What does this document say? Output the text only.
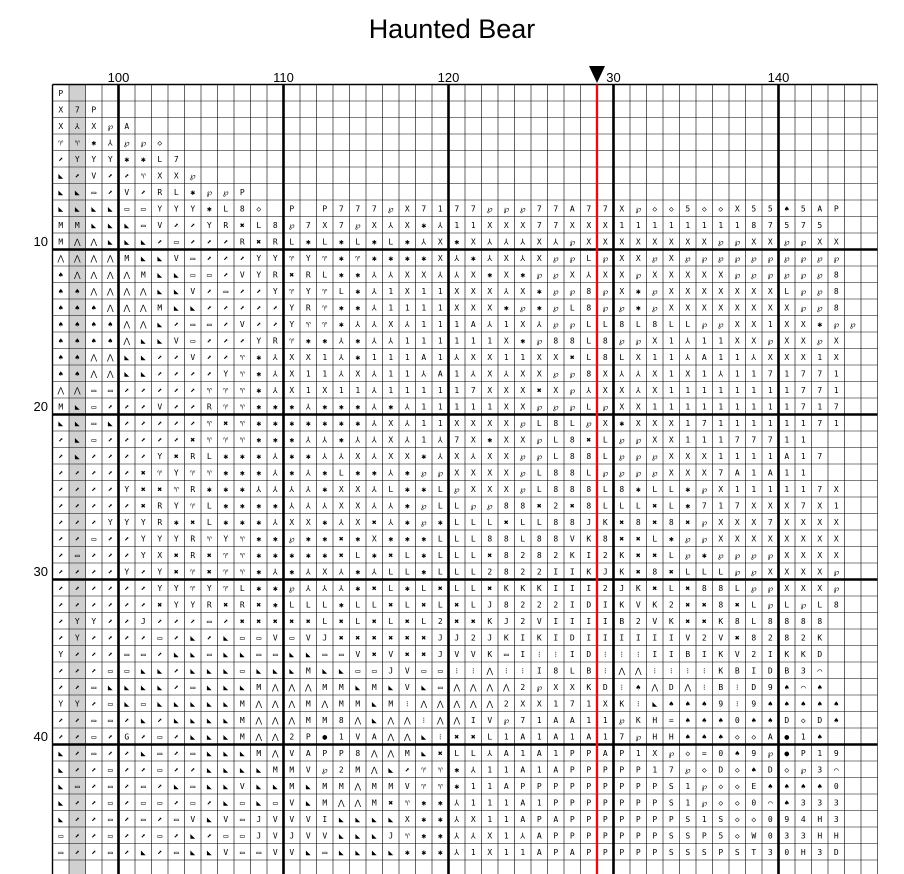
Haunted Bear
P
X 7 P
X ⅄ X ℘ A
♈ ♈ ✱ ⅄ ℘ ℘ ◇
⬈ Y Y Y ✱ ✱ L 7
◣ ⬈ V ⬈ ⬈ ♈ X X ℘
◣ ◣ ▭ ⬈ V ⬈ R L ✱ ℘ ℘ P
◣ ◣ ◣ ◣ ▭ ▭ Y Y Y ✱ L 8 ◇	P	P 7 7 7 ℘ X 7 1 7 7 ℘ ℘ ℘ 7 7 A 7 7 X ℘ ◇ ◇ 5 ◇ ◇ X 5 5 ♠ 5 A P
M M ◣ ◣ ◣ ▭ V ⬈ ⬈ Y R ✖ L 8 ℘ 7 X 7 ℘ X ⅄ X ✱ ⅄ 1 1 X X X 7 7 X X X 1 1 1 1 1 1 1 1 8 7 5 7 5
M ⋀ ⋀ ◣ ◣ ◣ ⬈ ▭ ⬈ ⬈ ⬈ R ✖ R L ✱ L ✱ L ✱ L ✱ ⅄ X ✱ X ⅄ ⅄ ⅄ X ⅄ ℘ X X X X X X X X ℘ ℘ X X ℘ ℘ X X
⋀ ⋀ ⋀ ⋀ M ◣ ◣ V ▭ ⬈ ⬈ ⬈ Y Y ♈ Y ♈ ✱ ♈ ✱ ✱ ✱ ✱ X ⅄ ✱ ⅄ X ⅄ X ℘ ℘ L ℘ X X ℘ X ℘ ℘ ℘ ℘ ℘ ℘ ℘ ℘ ℘ ℘
♠ ⋀ ⋀ ⋀ ⋀ M ◣ ◣ ▭ ▭ ⬈ V Y R ✖ R L ✱ ✱ ⅄ ⅄ X X ⅄ ⅄ X ✱ X ✱ ℘ ℘ X ⅄ X X ℘ X X X X X ℘ ℘ ℘ ℘ ℘ ℘ 8
♠ ♠ ⋀ ⋀ ⋀ ⋀ ◣ ◣ V ⬈ ▭ ⬈ ⬈ Y ♈ Y ♈ L ✱ ⅄ 1 X 1 1 X X X ⅄ X ✱ ℘ ℘ 8 ℘ X ✱ ℘ X X X X X X X L ℘ ℘ 8
♠ ♠ ♠ ⋀ ⋀ ⋀ M ◣ ◣ ⬈ ⬈ ⬈ ⬈ ⬈ Y R ♈ ✱ ✱ ⅄ 1 1 1 1 X X X ✱ ℘ ✱ ℘ L 8 ℘ ℘ ✱ ℘ X X X X X X X X ℘ ℘ 8
♠ ♠ ♠ ♠ ⋀ ⋀ ◣ ⬈ ▭ ▭ ⬈ V ⬈ ⬈ Y ♈ ♈ ✱ ⅄ ⅄ X ⅄ 1 1 1 A ⅄ 1 X ⅄ ℘ ℘ L L 8 L 8 L L ℘ ℘ X X 1 X X ✱ ℘ ℘
♠ ♠ ♠ ♠ ⋀ ◣ ◣ V ▭ ⬈ ⬈ ⬈ Y R ♈ ✱ ✱ ⅄ ✱ ⅄ ⅄ 1 1 1 1 1 1 X ✱ ℘ 8 8 L 8 ℘ ℘ X 1 ⅄ 1 1 X X ℘ X X ℘ X
♠ ♠ ⋀ ⋀ ◣ ◣ ⬈ ⬈ V ⬈ ⬈ ♈ ✱ ⅄ X X 1 ⅄ ✱ 1 1 1 A 1 ⅄ X X 1 1 X X ✖ L 8 L X 1 1 ⅄ A 1 1 ⅄ X X X 1 X
♠ ♠ ⋀ ⋀ ◣ ◣ ⬈ ⬈ ⬈ ⬈ Y ♈ ✱ ⅄ X 1 1 ⅄ X ⅄ 1 1 ⅄ A 1 ⅄ X ⅄ X X ℘ ℘ 8 X ⅄ ⅄ X 1 X 1 ⅄ 1 1 7 1 7 7 1
⋀ ⋀ ▭ ▭ ⬈ ⬈ ⬈ ⬈ ⬈ ♈ ♈ ♈ ✱ ⅄ X 1 X 1 1 ⅄ 1 1 1 1 1 7 X X X ✖ X ℘ ⅄ X X ⅄ X 1 1 1 1 1 1 1 1 7 7 1
M ◣ ▭ ⬈ ⬈ ⬈ V ⬈ ⬈ R ♈ ♈ ✱ ✱ ✱ ⅄ ✱ ✱ ✱ ⅄ ✱ ⅄ 1 1 1 1 1 X X ℘ ℘ ℘ L ℘ X X 1 1 1 1 1 1 1 1 1 7 1 7
◣ ◣ ▭ ◣ ⬈ ⬈ ⬈ ⬈ ⬈ ♈ ✖ ♈ ✱ ✱ ✱ ✱ ✱ ✱ ✱ ⅄ X ⅄ 1 1 X X X X ℘ L 8 L ℘ X ✱ X X X 1 7 1 1 1 1 1 1 7 1
⬈ ◣ ▭ ⬈ ⬈ ⬈ ⬈ ⬈ ✖ ♈ ♈ ♈ ✱ ✱ ✱ ⅄ ⅄ ✱ ⅄ ⅄ X ⅄ 1 ⅄ 7 X ✱ X X ℘ L 8 ✖ L ℘ ℘ X X 1 1 1 7 7 7 1 1
⬈ ◣ ⬈ ⬈ ⬈ ⬈ Y ✖ R L ✱ ✱ ✱ ⅄ ✱ ✱ ⅄ ⅄ X ⅄ X X ✱ ⅄ X ⅄ X X ℘ ℘ L 8 8 L ℘ ℘ ℘ X X X 1 1 1 1 A 1 7
⬈ ⬈ ⬈ ⬈ ⬈ ✖ ♈ Y ♈ ♈ ✱ ✱ ✱ ⅄ ✱ ⅄ ✱ L ✱ ✱ ⅄ ✱ ℘ ℘ X X X X ℘ L 8 8 L ℘ ℘ ℘ ℘ X X X 7 A 1 A 1 1
⬈ ⬈ ⬈ ⬈ Y ✖ ✖ ♈ R ✱ ✱ ✱ ⅄ ⅄ ⅄ ⅄ ✱ X X ⅄ L ✱ ✱ L ℘ X X X ℘ L 8 8 8 L 8 ✱ L L ✱ ℘ X 1 1 1 1 1 7 X
⬈ ⬈ ⬈ ⬈ ⬈ ✖ R Y ♈ L ✱ ✱ ✱ ✱ ⅄ ⅄ ⅄ X X ⅄ ⅄ ✱ ℘ L L ℘ ℘ 8 8 ✖ 2 ✖ 8 L L L ✖ L ✱ 7 1 7 X X X 7 X 1
⬈ ⬈ ⬈ Y Y Y R ✱ ✖ L ✱ ✱ ✱ ⅄ X X ✱ ⅄ X ✖ ⅄ ✱ ℘ ✱ L L L ✖ L L 8 8 J K ✖ 8 ✖ 8 ✖ ℘ X X X 7 X X X X
⬈ ⬈ ▭ ⬈ ⬈ Y Y Y R ♈ Y ♈ ✱ ✱ ℘ ✱ ✱ ✖ ✱ X ✱ ✱ ✱ L L L 8 8 L 8 8 V K 8 ✖ ✖ L ✱ ℘ ℘ X X X X X X X X
⬈ ▭ ⬈ ⬈ ⬈ Y X ✖ R ✖ ♈ ♈ ✱ ✱ ✱ ✱ ✱ ✖ L ✱ ✖ L ✱ L L L ✖ 8 2 8 2 K I 2 K ✖ ✖ L ℘ ✱ ℘ ℘ ℘ ℘ X X X X
⬈ ⬈ ⬈ ⬈ Y ⬈ Y ✖ ♈ ✖ ♈ ♈ ✱ ⅄ ✱ ⅄ X ⅄ ✱ ⅄ L L ✱ L L L 2 8 2 2 I I K J K ✖ 8 ✖ L L L ℘ ℘ X X X X ℘
⬈ ⬈ ⬈ ⬈ ⬈ ⬈ Y Y ♈ Y ♈ L ✱ ✱ ℘ ⅄ ⅄ ⅄ ✱ ✖ L ✱ L ✖ L L ✖ K K K I I I 2 J K ✖ L ✖ 8 8 L ℘ ℘ X X X ℘
⬈ ⬈ ⬈ ⬈ ⬈ ⬈ ✖ Y Y R ✖ R ✖ ✱ L L L ✱ L L ✖ L ✖ L ✖ L J 8 2 2 2 I D I K V K 2 ✖ ✖ 8 ✖ L ℘ L ℘ L 8
⬈ Y Y ⬈ ⬈ J ⬈ ⬈ ⬈ ▭ ⬈ ✖ ✖ ✖ ✖ ✖ L ✖ L ✖ L ✖ L 2 ✖ ✖ K J 2 V I I I I B 2 V K ✖ ✖ K 8 L 8 8 8 8
⬈ Y ⬈ ⬈ ⬈ ⬈ ▭ ⬈ ◣ ⬈ ◣ ▭ ▭ V ▭ V J ✖ ✖ ✖ ✖ ✖ ✖ J J 2 J K I K I D I I I I I I V 2 V ✖ 8 2 8 2 K
Y ⬈ ⬈ ⬈ ▭ ▭ ⬈ ◣ ◣ ▭ ◣ ◣ ▭ ▭ ◣ ◣ ▭ ▭ V ✖ V ✖ ✖ J V V K ▭ I ⁝ ⁝ I D ⁝ ⁝ ⁝ I I B I K V 2 I K K D
⬈ ⬈ ⬈ ▭ ▭ ◣ ◣ ⬈ ◣ ◣ ◣ ▭ ◣ ◣ ◣ M ◣ ◣ ▭ ▭ J V ▭ ▭ ⁝ ⁝ ⋀ ⁝ ⁝ I 8 L B ⁝ ⋀ ⋀ ⁝ ⁝ ⁝ ⁝ K B I D B 3 ⌒
⬈ ⬈ ▭ ◣ ◣ ◣ ◣ ⬈ ▭ ◣ ◣ ◣ M ⋀ ⋀ ⋀ M M ◣ M ◣ V ◣ ▭ ⋀ ⋀ ⋀ ⋀ 2 ℘ X X K D ⁝ ♠ ⋀ D ⋀ ⁝ B ⁝ D 9 ♠ ⌒ ♠
Y Y ⬈ ▭ ◣ ▭ ◣ ◣ ◣ ◣ ◣ M ⋀ ⋀ ⋀ M ⋀ M M ◣ M ⁝ ⋀ ⋀ ⋀ ⋀ ⋀ 2 X X 1 7 1 X K ⁝ ◣ ♠ ♠ ♠ 9 ⁝ 9 ♠ ♠ ♠ ♠ ♠
⬈ ⬈ ▭ ▭ ⬈ ◣ ⬈ ◣ ◣ ◣ ◣ M ⋀ ⋀ ⋀ M M 8 ⋀ ◣ ⋀ ⋀ ⁝ ⋀ ⋀ I V ℘ 7 1 A A 1 1 ℘ K H = ♠ ♠ ♠ 0 ♠ ♠ D ◇ D ♠
⬈ ⬈ ▭ ⬈ G ⬈ ▭ ⬈ ◣ ◣ ◣ M ⋀ ⋀ 2 P ● 1 V A ⋀ ⋀ ◣ ⁝ ✖ ✖ L 1 A 1 A 1 A 1 7 ℘ H H ♠ ♠ ♠ ◇ ◇ A ● 1 ♠
◣ ⬈ ▭ ⬈ ⬈ ◣ ▭ ⬈ ▭ ◣ ◣ ◣ M ⋀ V A P P 8 ⋀ ⋀ M ◣ ✖ L L ⅄ A 1 A 1 P P A P 1 X ℘ ◇ = 0 ♠ 9 ℘ ● P 1 9
◣ ⬈ ⬈ ▭ ⬈ ⬈ ▭ ⬈ ⬈ ◣ ◣ ◣ ◣ M M V ℘ 2 M ⋀ ◣ ⬈ ♈ ♈ ✱ ⅄ 1 1 A 1 A P P P P P 1 7 ℘ ◇ D ◇ ♠ D ◇ ℘ 3 ⌒
◣ ▭ ⬈ ▭ ⬈ ▭ ⬈ ◣ ▭ ◣ ◣ V ◣ ◣ M ◣ M M ⋀ M M V ♈ ♈ ✱ 1 1 A P P P P P P P P P S 1 ℘ ◇ ◇ E ♠ ♠ ♠ ♠ 0
◣ ⬈ ⬈ ▭ ⬈ ▭ ▭ ⬈ ▭ ⬈ ◣ ▭ ◣ ▭ V ◣ M ⋀ ⋀ M ✖ ♈ ✱ ✱ ⅄ 1 1 1 A 1 P P P P P P P S 1 ℘ ◇ ◇ 0 ⌒ ♠ 3 3 3
◣ ⬈ ⬈ ▭ ⬈ ▭ ⬈ ▭ V ◣ V ▭ J V V V I ◣ ◣ ◣ ◣ X ✱ ✱ ⅄ X 1 1 A P A P P P P P P P S 1 S ◇ ◇ 0 9 4 H 3
▭ ⬈ ⬈ ▭ ⬈ ⬈ ▭ ⬈ ◣ ⬈ ▭ ▭ J V J V V ◣ ◣ ◣ J ♈ ✱ ✱ ⅄ ⅄ X 1 ⅄ A P P P P P P P S S P 5 ◇ W 0 3 3 H H
▭ ⬈ ⬈ ▭ ⬈ ◣ ⬈ ▭ ◣ ◣ V ▭ ▭ V V ◣ ▭ ◣ ◣ ◣ ◣ ✱ ✱ ✱ ⅄ 1 X 1 1 A P A P P P P P S S S P S T 3 0 H 3 D
100	110	120	30	140
10
20
30
40
